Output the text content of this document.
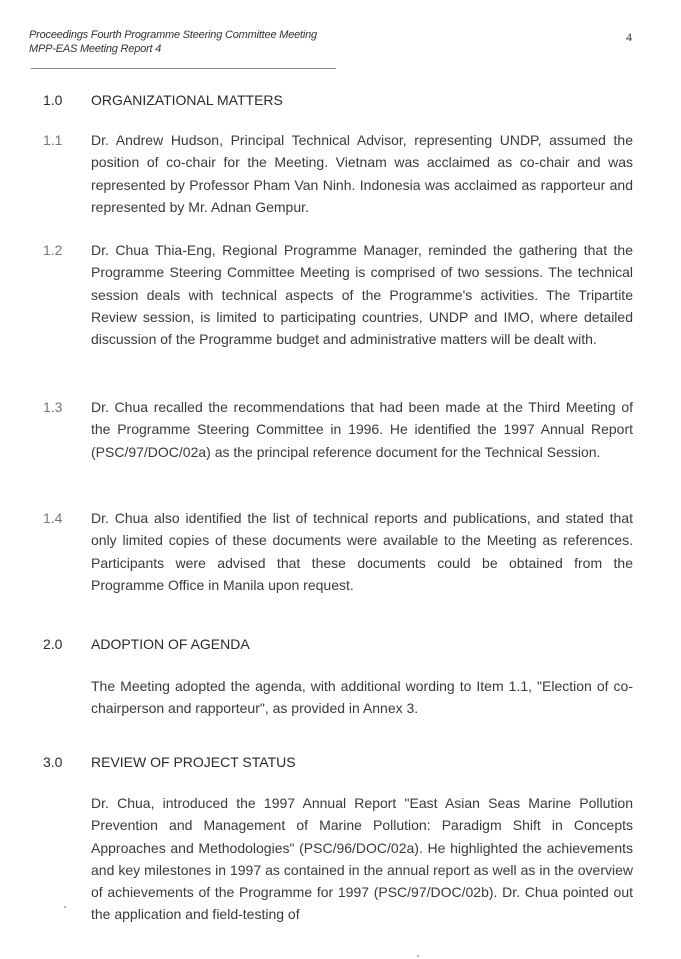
Proceedings Fourth Programme Steering Committee Meeting
MPP-EAS Meeting Report 4
4
1.0 ORGANIZATIONAL MATTERS
1.1 Dr. Andrew Hudson, Principal Technical Advisor, representing UNDP, assumed the position of co-chair for the Meeting. Vietnam was acclaimed as co-chair and was represented by Professor Pham Van Ninh. Indonesia was acclaimed as rapporteur and represented by Mr. Adnan Gempur.
1.2 Dr. Chua Thia-Eng, Regional Programme Manager, reminded the gathering that the Programme Steering Committee Meeting is comprised of two sessions. The technical session deals with technical aspects of the Programme's activities. The Tripartite Review session, is limited to participating countries, UNDP and IMO, where detailed discussion of the Programme budget and administrative matters will be dealt with.
1.3 Dr. Chua recalled the recommendations that had been made at the Third Meeting of the Programme Steering Committee in 1996. He identified the 1997 Annual Report (PSC/97/DOC/02a) as the principal reference document for the Technical Session.
1.4 Dr. Chua also identified the list of technical reports and publications, and stated that only limited copies of these documents were available to the Meeting as references. Participants were advised that these documents could be obtained from the Programme Office in Manila upon request.
2.0 ADOPTION OF AGENDA
The Meeting adopted the agenda, with additional wording to Item 1.1, "Election of co-chairperson and rapporteur", as provided in Annex 3.
3.0 REVIEW OF PROJECT STATUS
Dr. Chua, introduced the 1997 Annual Report "East Asian Seas Marine Pollution Prevention and Management of Marine Pollution: Paradigm Shift in Concepts Approaches and Methodologies" (PSC/96/DOC/02a). He highlighted the achievements and key milestones in 1997 as contained in the annual report as well as in the overview of achievements of the Programme for 1997 (PSC/97/DOC/02b). Dr. Chua pointed out the application and field-testing of
